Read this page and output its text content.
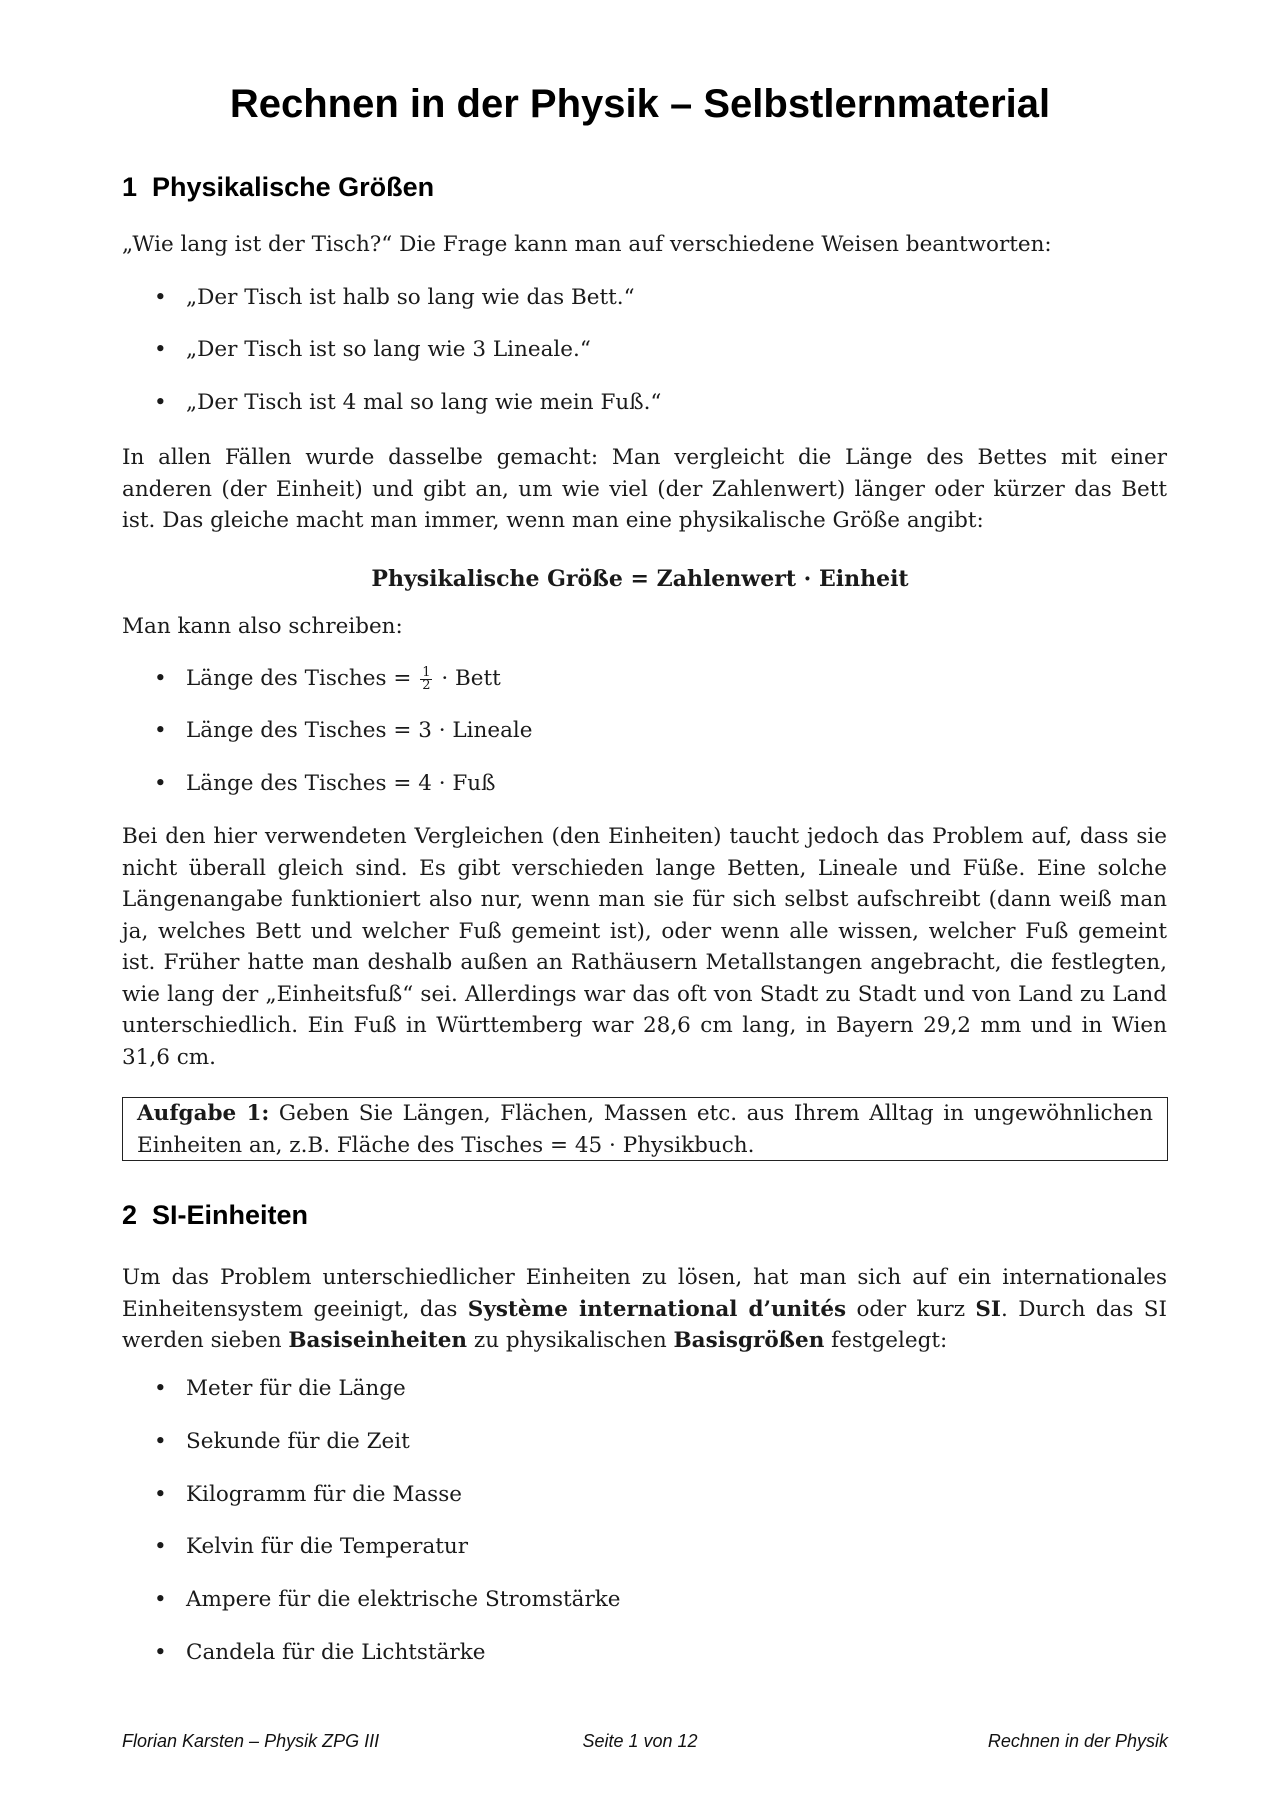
Rechnen in der Physik – Selbstlernmaterial
1 Physikalische Größen
„Wie lang ist der Tisch?“ Die Frage kann man auf verschiedene Weisen beantworten:
• „Der Tisch ist halb so lang wie das Bett.“
• „Der Tisch ist so lang wie 3 Lineale.“
• „Der Tisch ist 4 mal so lang wie mein Fuß.“
In allen Fällen wurde dasselbe gemacht: Man vergleicht die Länge des Bettes mit einer anderen (der Einheit) und gibt an, um wie viel (der Zahlenwert) länger oder kürzer das Bett ist. Das gleiche macht man immer, wenn man eine physikalische Größe angibt:
Physikalische Größe = Zahlenwert · Einheit
Man kann also schreiben:
• Länge des Tisches = $\frac{1}{2}$ · Bett
• Länge des Tisches = 3 · Lineale
• Länge des Tisches = 4 · Fuß
Bei den hier verwendeten Vergleichen (den Einheiten) taucht jedoch das Problem auf, dass sie nicht überall gleich sind. Es gibt verschieden lange Betten, Lineale und Füße. Eine solche Längenangabe funktioniert also nur, wenn man sie für sich selbst aufschreibt (dann weiß man ja, welches Bett und welcher Fuß gemeint ist), oder wenn alle wissen, welcher Fuß gemeint ist. Früher hatte man deshalb außen an Rathäusern Metallstangen angebracht, die festlegten, wie lang der „Einheitsfuß“ sei. Allerdings war das oft von Stadt zu Stadt und von Land zu Land unterschiedlich. Ein Fuß in Württemberg war 28,6 cm lang, in Bayern 29,2 mm und in Wien 31,6 cm.
Aufgabe 1: Geben Sie Längen, Flächen, Massen etc. aus Ihrem Alltag in ungewöhnlichen Einheiten an, z.B. Fläche des Tisches = 45 · Physikbuch.
2 SI-Einheiten
Um das Problem unterschiedlicher Einheiten zu lösen, hat man sich auf ein internationales Einheitensystem geeinigt, das Système international d’unités oder kurz SI. Durch das SI werden sieben Basiseinheiten zu physikalischen Basisgrößen festgelegt:
• Meter für die Länge
• Sekunde für die Zeit
• Kilogramm für die Masse
• Kelvin für die Temperatur
• Ampere für die elektrische Stromstärke
• Candela für die Lichtstärke
Florian Karsten – Physik ZPG III	Seite 1 von 12	Rechnen in der Physik
